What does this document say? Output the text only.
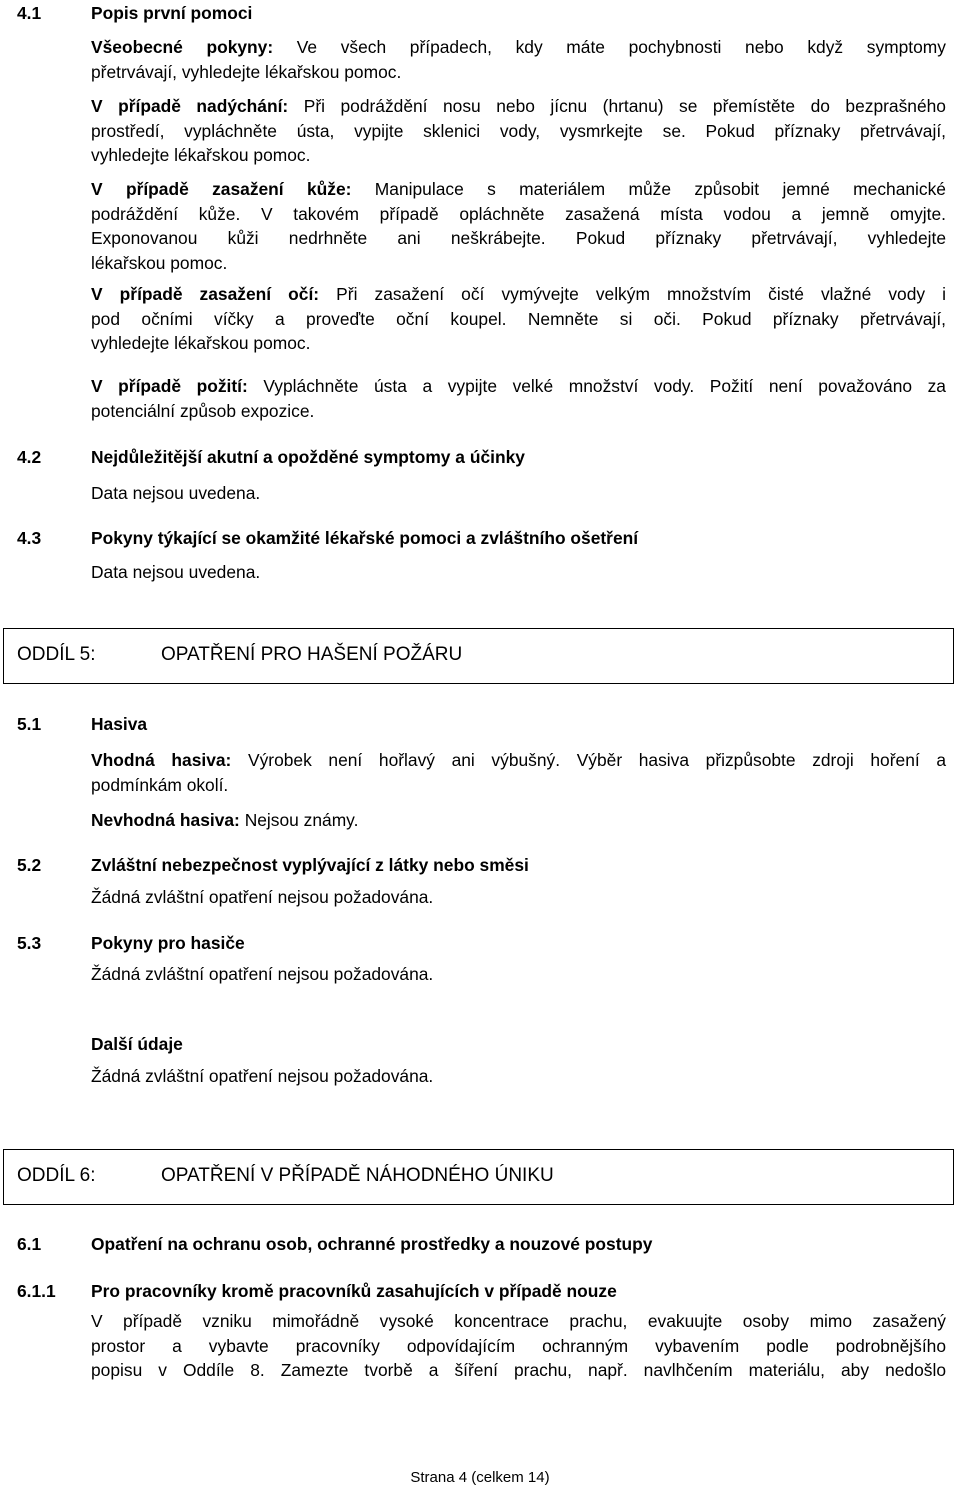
4.1	Popis první pomoci
Všeobecné pokyny: Ve všech případech, kdy máte pochybnosti nebo když symptomy
přetrvávají, vyhledejte lékařskou pomoc.
V případě nadýchání: Při podráždění nosu nebo jícnu (hrtanu) se přemístěte do bezprašného
prostředí, vypláchněte ústa, vypijte sklenici vody, vysmrkejte se. Pokud příznaky přetrvávají,
vyhledejte lékařskou pomoc.
V případě zasažení kůže: Manipulace s materiálem může způsobit jemné mechanické
podráždění kůže. V takovém případě opláchněte zasažená místa vodou a jemně omyjte.
Exponovanou kůži nedrhněte ani neškrábejte. Pokud příznaky přetrvávají, vyhledejte
lékařskou pomoc.
V případě zasažení očí: Při zasažení očí vymývejte velkým množstvím čisté vlažné vody i
pod očními víčky a proveďte oční koupel. Nemněte si oči. Pokud příznaky přetrvávají,
vyhledejte lékařskou pomoc.
V případě požití: Vypláchněte ústa a vypijte velké množství vody. Požití není považováno za
potenciální způsob expozice.
4.2	Nejdůležitější akutní a opožděné symptomy a účinky
Data nejsou uvedena.
4.3	Pokyny týkající se okamžité lékařské pomoci a zvláštního ošetření
Data nejsou uvedena.
ODDÍL 5:	OPATŘENÍ PRO HAŠENÍ POŽÁRU
5.1	Hasiva
Vhodná hasiva: Výrobek není hořlavý ani výbušný. Výběr hasiva přizpůsobte zdroji hoření a
podmínkám okolí.
Nevhodná hasiva: Nejsou známy.
5.2	Zvláštní nebezpečnost vyplývající z látky nebo směsi
Žádná zvláštní opatření nejsou požadována.
5.3	Pokyny pro hasiče
Žádná zvláštní opatření nejsou požadována.
Další údaje
Žádná zvláštní opatření nejsou požadována.
ODDÍL 6:	OPATŘENÍ V PŘÍPADĚ NÁHODNÉHO ÚNIKU
6.1	Opatření na ochranu osob, ochranné prostředky a nouzové postupy
6.1.1 Pro pracovníky kromě pracovníků zasahujících v případě nouze
V případě vzniku mimořádně vysoké koncentrace prachu, evakuujte osoby mimo zasažený
prostor a vybavte pracovníky odpovídajícím ochranným vybavením podle podrobnějšího
popisu v Oddíle 8. Zamezte tvorbě a šíření prachu, např. navlhčením materiálu, aby nedošlo
Strana 4 (celkem 14)
